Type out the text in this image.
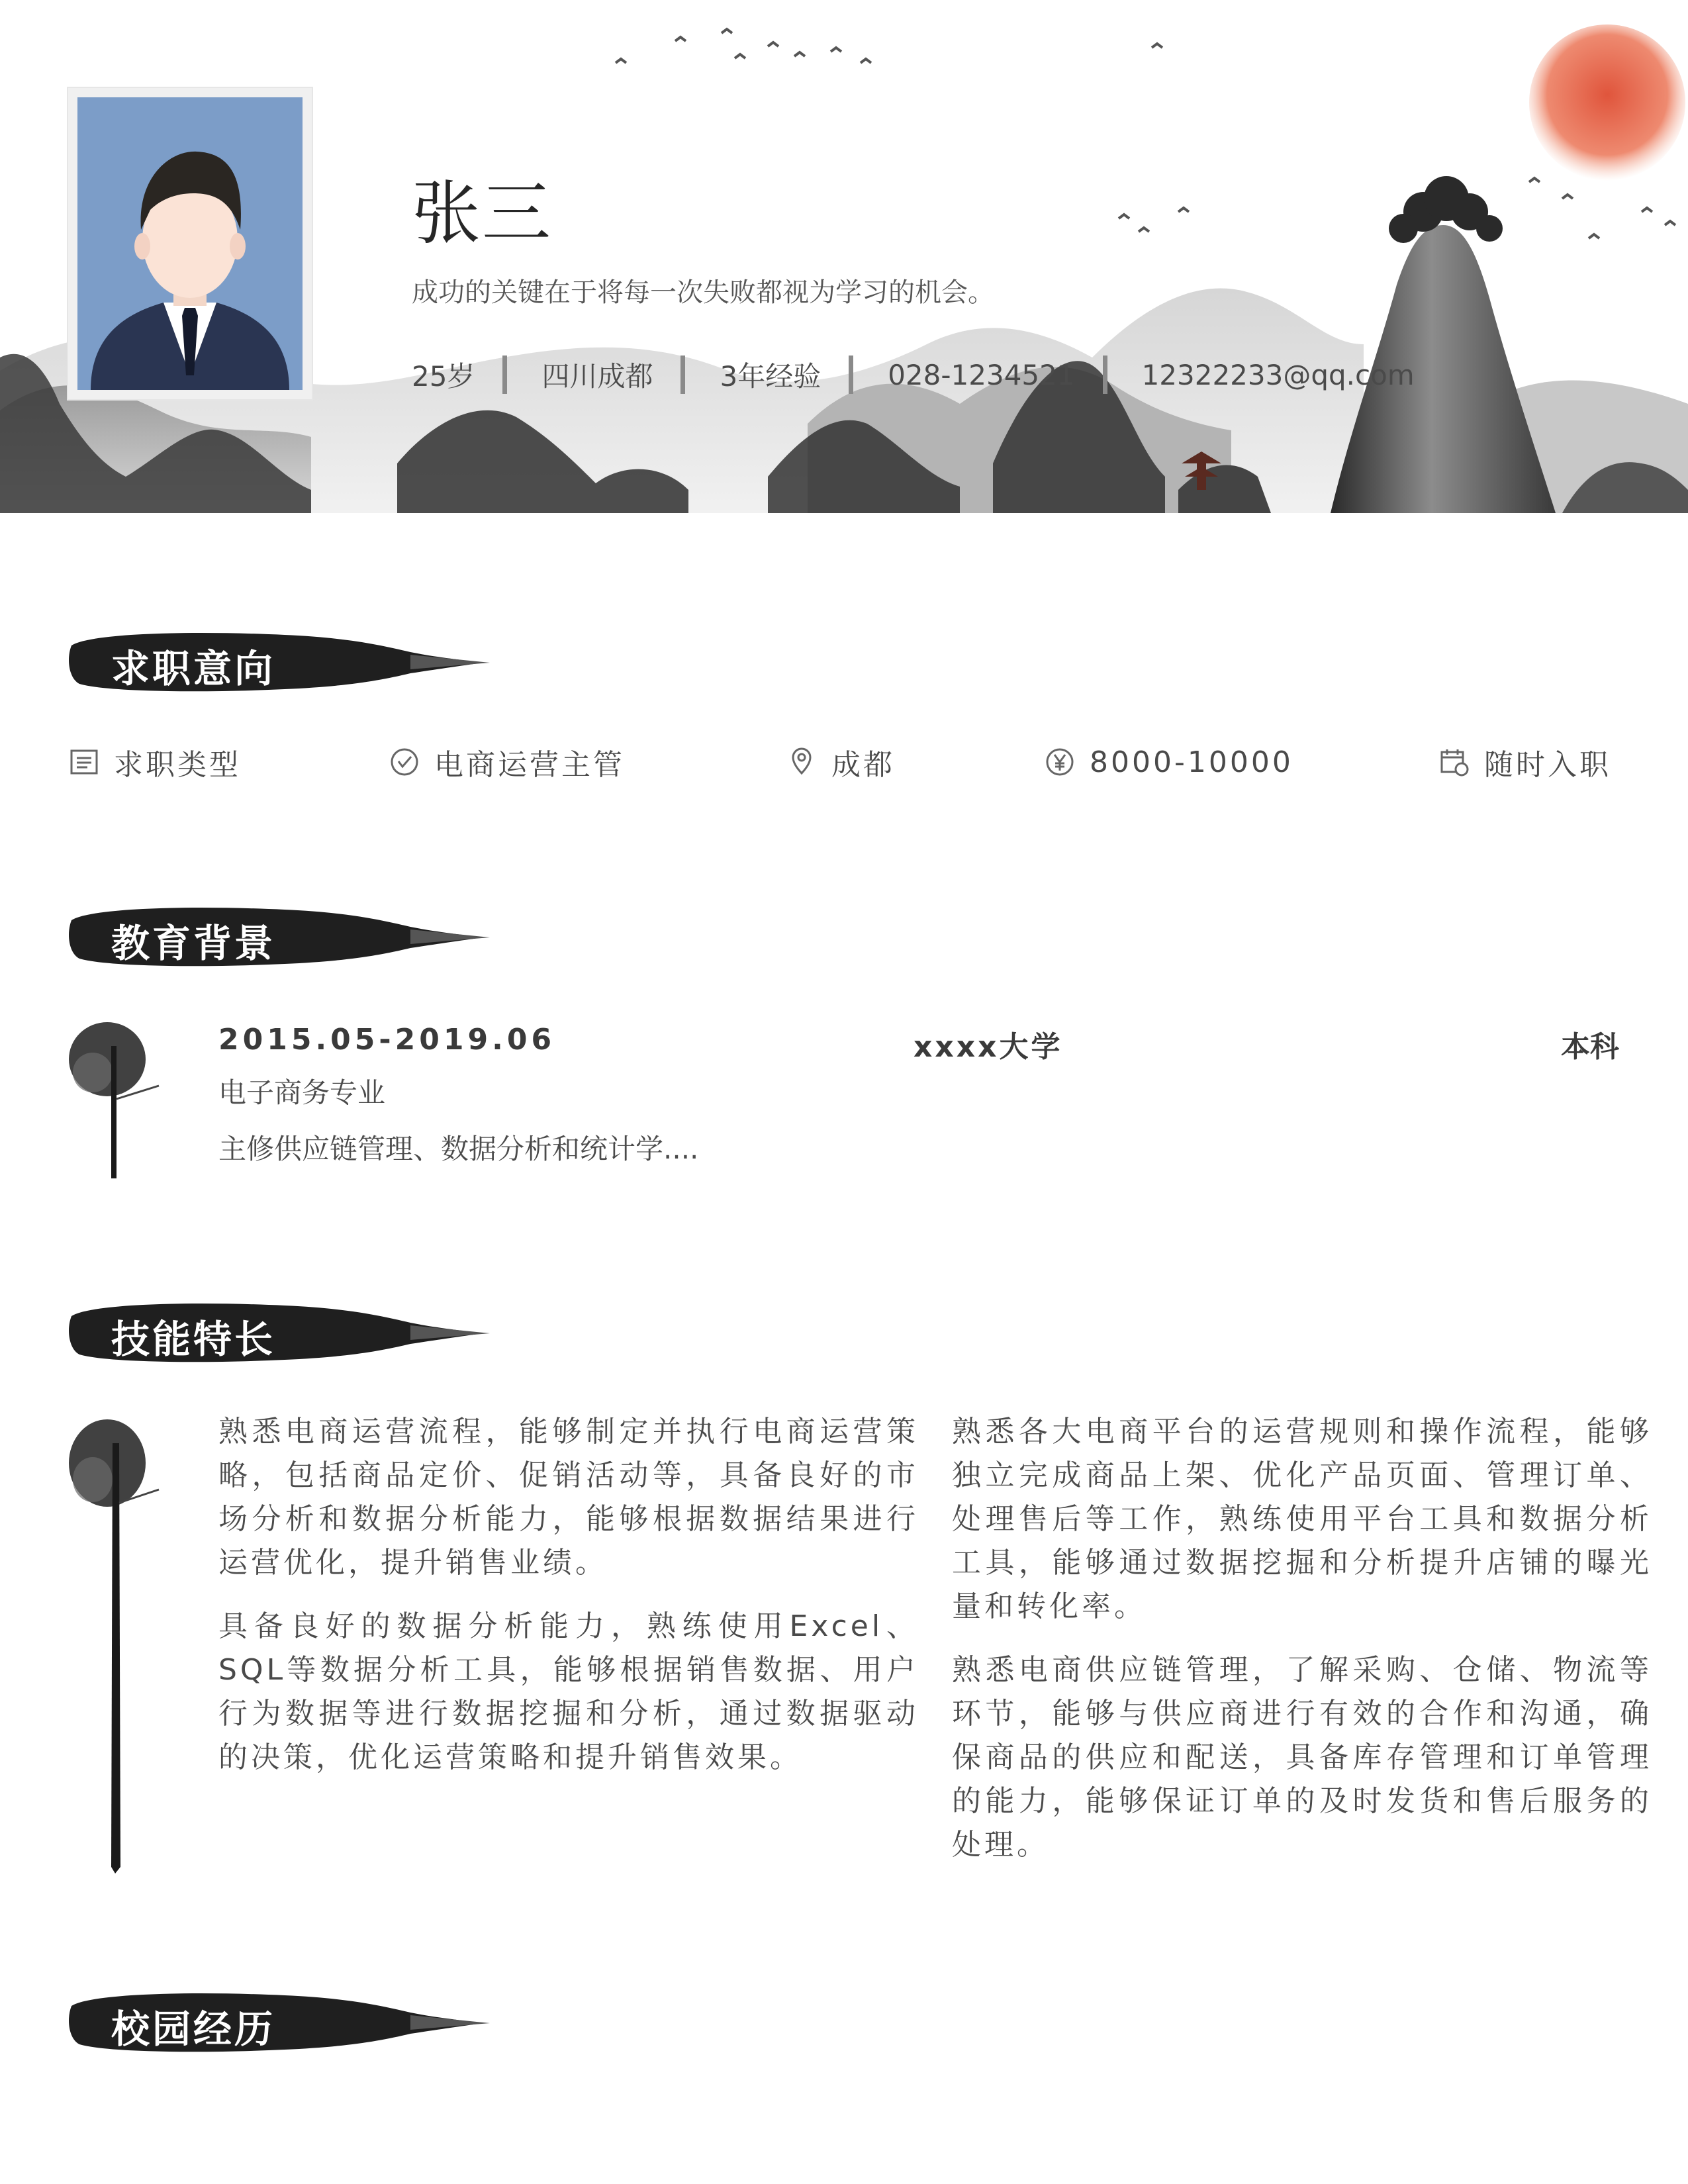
张三
成功的关键在于将每一次失败都视为学习的机会。
25岁 四川成都 3年经验 028-1234521 12322233@qq.com
求职意向
求职类型	电商运营主管	成都	8000-10000	随时入职
教育背景
2015.05-2019.06	xxxx大学	本科
电子商务专业
主修供应链管理、数据分析和统计学....
技能特长

熟悉电商运营流程，能够制定并执行电商运营策略，包括商品定价、促销活动等，具备良好的市场分析和数据分析能力，能够根据数据结果进行运营优化，提升销售业绩。

具备良好的数据分析能力，熟练使用Excel、SQL等数据分析工具，能够根据销售数据、用户行为数据等进行数据挖掘和分析，通过数据驱动的决策，优化运营策略和提升销售效果。

熟悉各大电商平台的运营规则和操作流程，能够独立完成商品上架、优化产品页面、管理订单、处理售后等工作，熟练使用平台工具和数据分析工具，能够通过数据挖掘和分析提升店铺的曝光量和转化率。

熟悉电商供应链管理，了解采购、仓储、物流等环节，能够与供应商进行有效的合作和沟通，确保商品的供应和配送，具备库存管理和订单管理的能力，能够保证订单的及时发货和售后服务的处理。

校园经历
